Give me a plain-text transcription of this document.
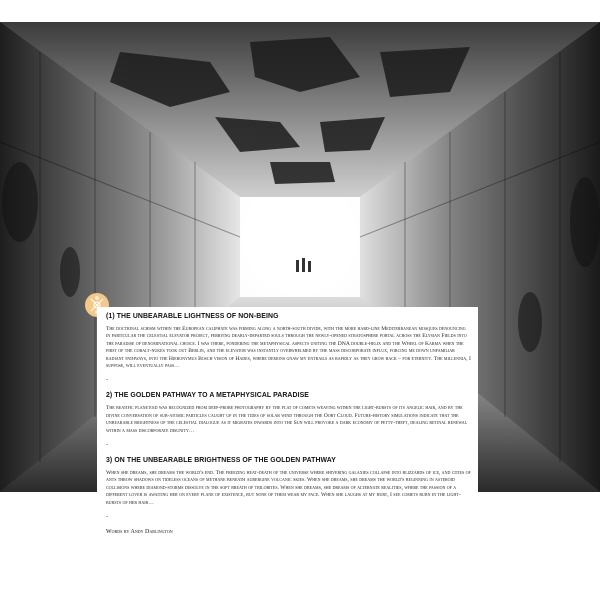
(1) THE UNBEARABLE LIGHTNESS OF NON-BEING

The doctrinal schism within the European caliphate was firming along a north-south divide, with the more hard-line Mediterranean mosques denouncing in particular the celestial elevator project, ferrying dearly-departed souls through the newly-opened stratosphere portal across the Elysian Fields into the paradise of denominational choice. I was there, pondering the metaphysical aspects uniting the DNA double-helix and the Wheel of Karma when the first of the cobalt-nukes took out Berlin, and the elevator was instantly overwhelmed by the mass discorporate influx, forcing me down unfamiliar radiant pathways, into the Hieronymus Bosch vision of Hades, where demons gnaw my entrails as rapidly as they grow back – for eternity. The millennia, I suppose, will eventually pass…

-
2) THE GOLDEN PATHWAY TO A METAPHYSICAL PARADISE

The beatific planetoid was recognized from deep-probe photography by the flat of comets weaving within the light-bursts of its angelic hair, and by the divine conversation of sub-atomic particles caught up in the tides of solar wind through the Oort Cloud. Future-history simulations indicate that the unbearable brightness of the celestial dialogue as it migrates inwards into the Sun will provoke a dark economy of petty-theft, dealing retinal renewal within a mass discorporate disunity…

-
3) ON THE UNBEARABLE BRIGHTNESS OF THE GOLDEN PATHWAY

When she dreams, she dreams the world's end. The freezing heat-death of the universe where shivering galaxies collapse into blizzards of ice, and cities of ants throw shadows on tideless oceans of methane beneath aubergine volcanic skies. When she dreams, she dreams the world's beginning in asteroid collisions where diamond-storms dissolve in the soft breath of trilobites. When she dreams, she dreams of alternate realities, where the passion of a different lover is awaiting her on every plane of existence, but none of them wear my face. When she laughs at my hurt, I see comets burn in the light-bursts of her hair…

-
Words by Andy Darlington
